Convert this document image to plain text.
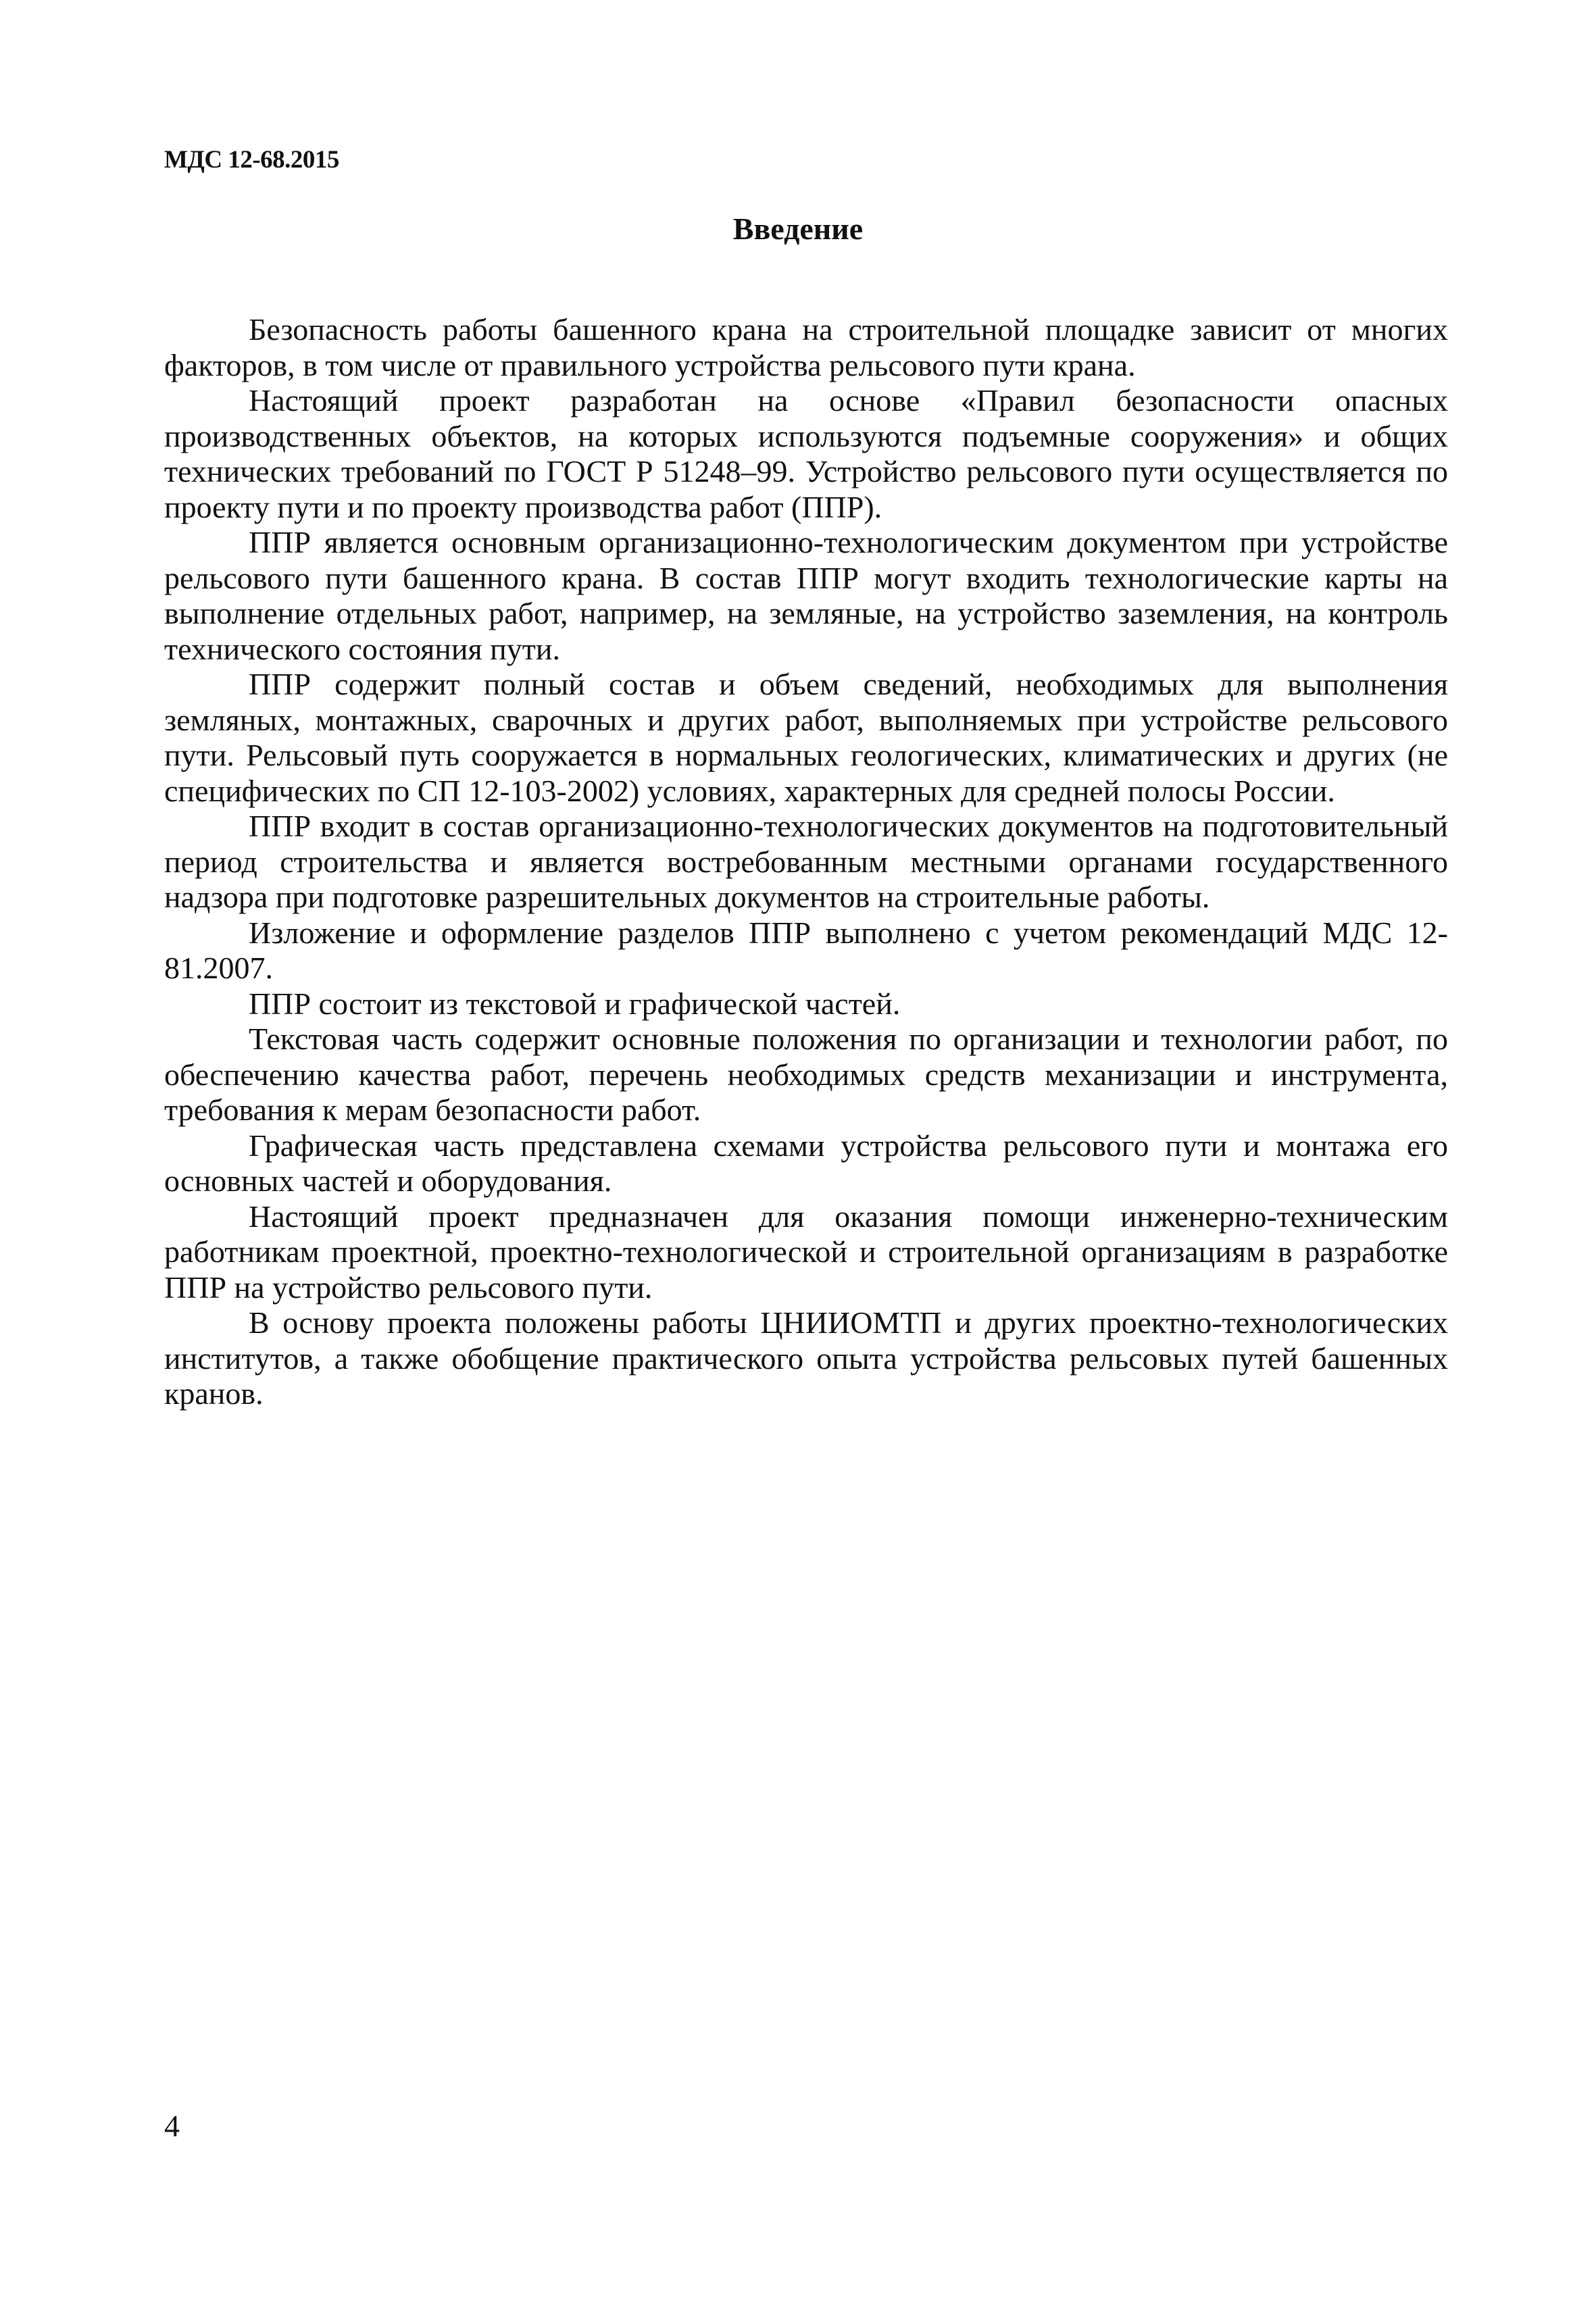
МДС 12-68.2015
Введение

Безопасность работы башенного крана на строительной площадке зависит от многих факторов, в том числе от правильного устройства рельсового пути крана.

Настоящий проект разработан на основе «Правил безопасности опасных производственных объектов, на которых используются подъемные сооружения» и общих технических требований по ГОСТ Р 51248–99. Устройство рельсового пути осуществляется по проекту пути и по проекту производства работ (ППР).

ППР является основным организационно-технологическим документом при устройстве рельсового пути башенного крана. В состав ППР могут входить технологические карты на выполнение отдельных работ, например, на земляные, на устройство заземления, на контроль технического состояния пути.

ППР содержит полный состав и объем сведений, необходимых для выполнения земляных, монтажных, сварочных и других работ, выполняемых при устройстве рельсового пути. Рельсовый путь сооружается в нормальных геологических, климатических и других (не специфических по СП 12-103-2002) условиях, характерных для средней полосы России.

ППР входит в состав организационно-технологических документов на подготовительный период строительства и является востребованным местными органами государственного надзора при подготовке разрешительных документов на строительные работы.

Изложение и оформление разделов ППР выполнено с учетом рекомендаций МДС 12-81.2007.

ППР состоит из текстовой и графической частей.

Текстовая часть содержит основные положения по организации и технологии работ, по обеспечению качества работ, перечень необходимых средств механизации и инструмента, требования к мерам безопасности работ.

Графическая часть представлена схемами устройства рельсового пути и монтажа его основных частей и оборудования.

Настоящий проект предназначен для оказания помощи инженерно-техническим работникам проектной, проектно-технологической и строительной организациям в разработке ППР на устройство рельсового пути.

В основу проекта положены работы ЦНИИОМТП и других проектно-технологических институтов, а также обобщение практического опыта устройства рельсовых путей башенных кранов.

4
